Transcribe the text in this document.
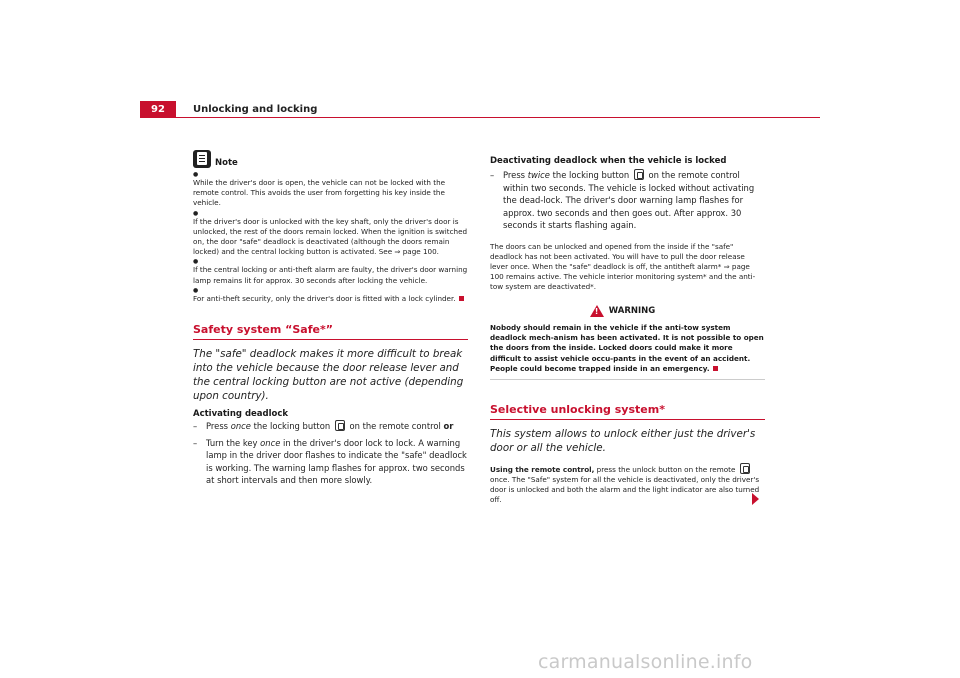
92	Unlocking and locking
Note
● While the driver's door is open, the vehicle can not be locked with the remote control. This avoids the user from forgetting his key inside the vehicle.
● If the driver's door is unlocked with the key shaft, only the driver's door is unlocked, the rest of the doors remain locked. When the ignition is switched on, the door "safe" deadlock is deactivated (although the doors remain locked) and the central locking button is activated. See ⇒ page 100.
● If the central locking or anti-theft alarm are faulty, the driver's door warning lamp remains lit for approx. 30 seconds after locking the vehicle.
● For anti-theft security, only the driver's door is fitted with a lock cylinder.
Safety system “Safe*”
The "safe" deadlock makes it more difficult to break into the vehicle because the door release lever and the central locking button are not active (depending upon country).
Activating deadlock
– Press once the locking button on the remote control or
– Turn the key once in the driver's door lock to lock. A warning lamp in the driver door flashes to indicate the "safe" deadlock is working. The warning lamp flashes for approx. two seconds at short intervals and then more slowly.
Deactivating deadlock when the vehicle is locked
– Press twice the locking button on the remote control within two seconds. The vehicle is locked without activating the dead-lock. The driver's door warning lamp flashes for approx. two seconds and then goes out. After approx. 30 seconds it starts flashing again.
The doors can be unlocked and opened from the inside if the "safe" deadlock has not been activated. You will have to pull the door release lever once. When the "safe" deadlock is off, the antitheft alarm* ⇒ page 100 remains active. The vehicle interior monitoring system* and the anti-tow system are deactivated*.
!
WARNING
Nobody should remain in the vehicle if the anti-tow system deadlock mech-anism has been activated. It is not possible to open the doors from the inside. Locked doors could make it more difficult to assist vehicle occu-pants in the event of an accident. People could become trapped inside in an emergency.
Selective unlocking system*
This system allows to unlock either just the driver's door or all the vehicle.
Using the remote control, press the unlock button on the remote  once. The "Safe" system for all the vehicle is deactivated, only the driver's door is unlocked and both the alarm and the light indicator are also turned off.
carmanualsonline.info
